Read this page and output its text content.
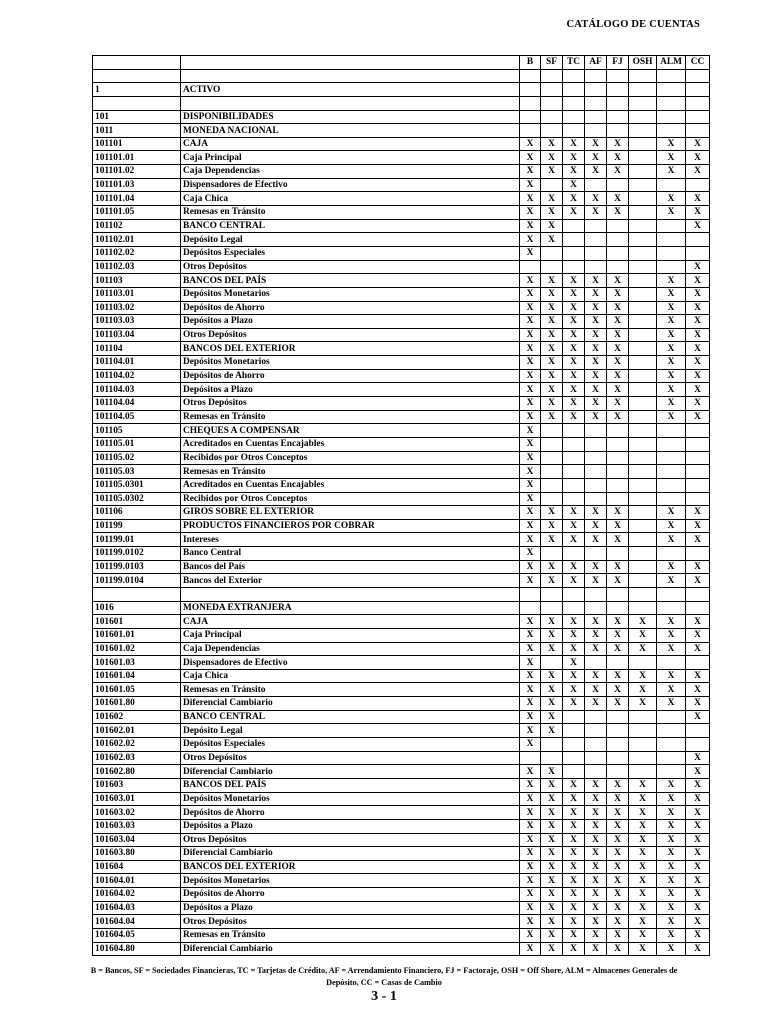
CATÁLOGO DE CUENTAS
		B	SF	TC	AF	FJ	OSH	ALM	CC

1	ACTIVO								

101	DISPONIBILIDADES								
1011	MONEDA NACIONAL								
101101	CAJA	X	X	X	X	X		X	X
101101.01	Caja Principal	X	X	X	X	X		X	X
101101.02	Caja Dependencias	X	X	X	X	X		X	X
101101.03	Dispensadores de Efectivo	X		X					
101101.04	Caja Chica	X	X	X	X	X		X	X
101101.05	Remesas en Tránsito	X	X	X	X	X		X	X
101102	BANCO CENTRAL	X	X						X
101102.01	Depósito Legal	X	X						
101102.02	Depósitos Especiales	X							
101102.03	Otros Depósitos								X
101103	BANCOS DEL PAÍS	X	X	X	X	X		X	X
101103.01	Depósitos Monetarios	X	X	X	X	X		X	X
101103.02	Depósitos de Ahorro	X	X	X	X	X		X	X
101103.03	Depósitos a Plazo	X	X	X	X	X		X	X
101103.04	Otros Depósitos	X	X	X	X	X		X	X
101104	BANCOS DEL EXTERIOR	X	X	X	X	X		X	X
101104.01	Depósitos Monetarios	X	X	X	X	X		X	X
101104.02	Depósitos de Ahorro	X	X	X	X	X		X	X
101104.03	Depósitos a Plazo	X	X	X	X	X		X	X
101104.04	Otros Depósitos	X	X	X	X	X		X	X
101104.05	Remesas en Tránsito	X	X	X	X	X		X	X
101105	CHEQUES A COMPENSAR	X							
101105.01	Acreditados en Cuentas Encajables	X							
101105.02	Recibidos por Otros Conceptos	X							
101105.03	Remesas en Tránsito	X							
101105.0301	Acreditados en Cuentas Encajables	X							
101105.0302	Recibidos por Otros Conceptos	X							
101106	GIROS SOBRE EL EXTERIOR	X	X	X	X	X		X	X
101199	PRODUCTOS FINANCIEROS POR COBRAR	X	X	X	X	X		X	X
101199.01	Intereses	X	X	X	X	X		X	X
101199.0102	Banco Central	X							
101199.0103	Bancos del País	X	X	X	X	X		X	X
101199.0104	Bancos del Exterior	X	X	X	X	X		X	X

1016	MONEDA EXTRANJERA								
101601	CAJA	X	X	X	X	X	X	X	X
101601.01	Caja Principal	X	X	X	X	X	X	X	X
101601.02	Caja Dependencias	X	X	X	X	X	X	X	X
101601.03	Dispensadores de Efectivo	X		X					
101601.04	Caja Chica	X	X	X	X	X	X	X	X
101601.05	Remesas en Tránsito	X	X	X	X	X	X	X	X
101601.80	Diferencial Cambiario	X	X	X	X	X	X	X	X
101602	BANCO CENTRAL	X	X						X
101602.01	Depósito Legal	X	X						
101602.02	Depósitos Especiales	X							
101602.03	Otros Depósitos								X
101602.80	Diferencial Cambiario	X	X						X
101603	BANCOS DEL PAÍS	X	X	X	X	X	X	X	X
101603.01	Depósitos Monetarios	X	X	X	X	X	X	X	X
101603.02	Depósitos de Ahorro	X	X	X	X	X	X	X	X
101603.03	Depósitos a Plazo	X	X	X	X	X	X	X	X
101603.04	Otros Depósitos	X	X	X	X	X	X	X	X
101603.80	Diferencial Cambiario	X	X	X	X	X	X	X	X
101604	BANCOS DEL EXTERIOR	X	X	X	X	X	X	X	X
101604.01	Depósitos Monetarios	X	X	X	X	X	X	X	X
101604.02	Depósitos de Ahorro	X	X	X	X	X	X	X	X
101604.03	Depósitos a Plazo	X	X	X	X	X	X	X	X
101604.04	Otros Depósitos	X	X	X	X	X	X	X	X
101604.05	Remesas en Tránsito	X	X	X	X	X	X	X	X
101604.80	Diferencial Cambiario	X	X	X	X	X	X	X	X
B = Bancos, SF = Sociedades Financieras, TC = Tarjetas de Crédito, AF = Arrendamiento Financiero, FJ = Factoraje, OSH = Off Shore, ALM = Almacenes Generales de
Depósito, CC = Casas de Cambio
3 - 1
